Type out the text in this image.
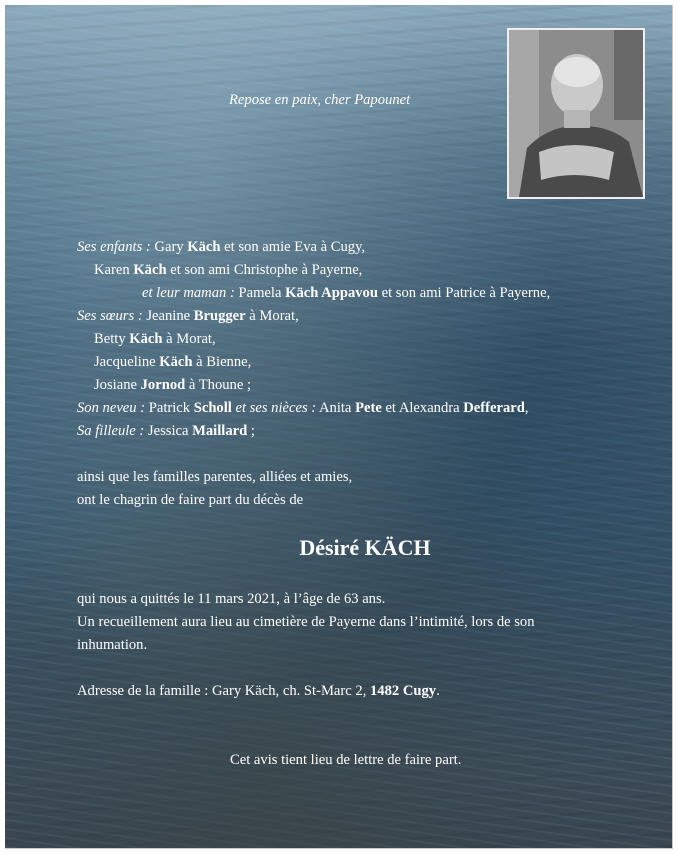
Repose en paix, cher Papounet
Ses enfants : Gary Käch et son amie Eva à Cugy,
Karen Käch et son ami Christophe à Payerne,
et leur maman : Pamela Käch Appavou et son ami Patrice à Payerne,
Ses sœurs : Jeanine Brugger à Morat,
Betty Käch à Morat,
Jacqueline Käch à Bienne,
Josiane Jornod à Thoune ;
Son neveu : Patrick Scholl et ses nièces : Anita Pete et Alexandra Defferard,
Sa filleule : Jessica Maillard ;
ainsi que les familles parentes, alliées et amies,
ont le chagrin de faire part du décès de
Désiré KÄCH
qui nous a quittés le 11 mars 2021, à l’âge de 63 ans.
Un recueillement aura lieu au cimetière de Payerne dans l’intimité, lors de son
inhumation.
Adresse de la famille : Gary Käch, ch. St-Marc 2, 1482 Cugy.
Cet avis tient lieu de lettre de faire part.
